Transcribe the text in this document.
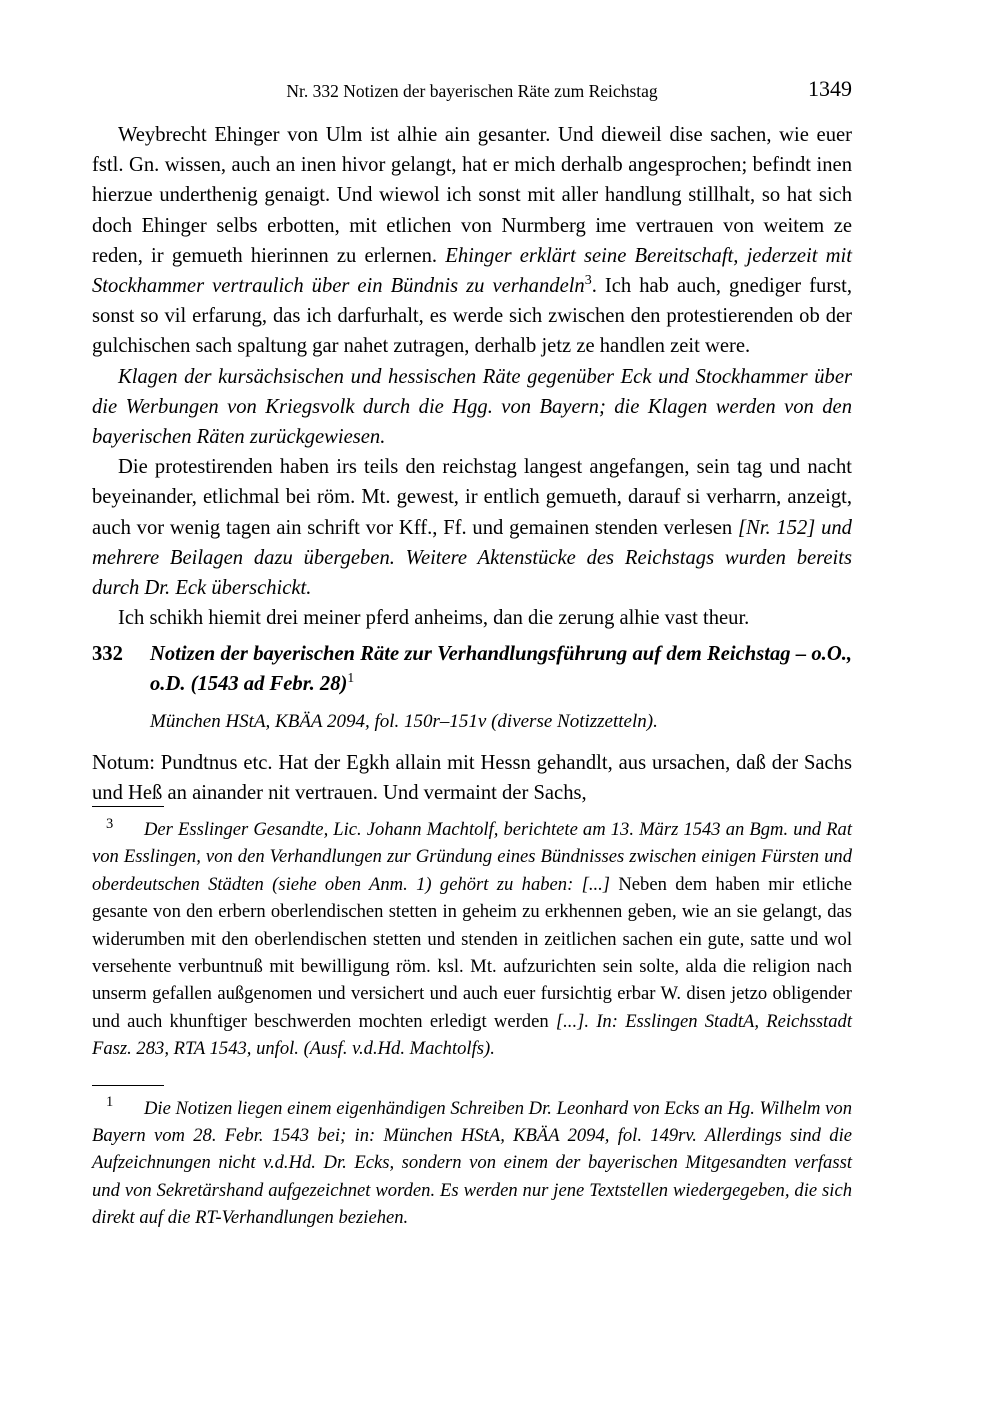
Nr. 332 Notizen der bayerischen Räte zum Reichstag	1349

Weybrecht Ehinger von Ulm ist alhie ain gesanter. Und dieweil dise sachen, wie euer fstl. Gn. wissen, auch an inen hivor gelangt, hat er mich derhalb angesprochen; befindt inen hierzue underthenig genaigt. Und wiewol ich sonst mit aller handlung stillhalt, so hat sich doch Ehinger selbs erbotten, mit etlichen von Nurmberg ime vertrauen von weitem ze reden, ir gemueth hierinnen zu erlernen. Ehinger erklärt seine Bereitschaft, jederzeit mit Stockhammer vertraulich über ein Bündnis zu verhandeln$^3$. Ich hab auch, gnediger furst, sonst so vil erfarung, das ich darfurhalt, es werde sich zwischen den protestierenden ob der gulchischen sach spaltung gar nahet zutragen, derhalb jetz ze handlen zeit were.

Klagen der kursächsischen und hessischen Räte gegenüber Eck und Stockhammer über die Werbungen von Kriegsvolk durch die Hgg. von Bayern; die Klagen werden von den bayerischen Räten zurückgewiesen.

Die protestirenden haben irs teils den reichstag langest angefangen, sein tag und nacht beyeinander, etlichmal bei röm. Mt. gewest, ir entlich gemueth, darauf si verharrn, anzeigt, auch vor wenig tagen ain schrift vor Kff., Ff. und gemainen stenden verlesen [Nr. 152] und mehrere Beilagen dazu übergeben. Weitere Aktenstücke des Reichstags wurden bereits durch Dr. Eck überschickt.

Ich schikh hiemit drei meiner pferd anheims, dan die zerung alhie vast theur.

332 Notizen der bayerischen Räte zur Verhandlungsführung auf dem Reichstag – o.O., o.D. (1543 ad Febr. 28)$^1$
München HStA, KBÄA 2094, fol. 150r–151v (diverse Notizzetteln).

Notum: Pundtnus etc. Hat der Egkh allain mit Hessn gehandlt, aus ursachen, daß der Sachs und Heß an ainander nit vertrauen. Und vermaint der Sachs,

3 Der Esslinger Gesandte, Lic. Johann Machtolf, berichtete am 13. März 1543 an Bgm. und Rat von Esslingen, von den Verhandlungen zur Gründung eines Bündnisses zwischen einigen Fürsten und oberdeutschen Städten (siehe oben Anm. 1) gehört zu haben: [...] Neben dem haben mir etliche gesante von den erbern oberlendischen stetten in geheim zu erkhennen geben, wie an sie gelangt, das widerumben mit den oberlendischen stetten und stenden in zeitlichen sachen ein gute, satte und wol versehente verbuntnuß mit bewilligung röm. ksl. Mt. aufzurichten sein solte, alda die religion nach unserm gefallen außgenomen und versichert und auch euer fursichtig erbar W. disen jetzo obligender und auch khunftiger beschwerden mochten erledigt werden [...]. In: Esslingen StadtA, Reichsstadt Fasz. 283, RTA 1543, unfol. (Ausf. v.d.Hd. Machtolfs).

1 Die Notizen liegen einem eigenhändigen Schreiben Dr. Leonhard von Ecks an Hg. Wilhelm von Bayern vom 28. Febr. 1543 bei; in: München HStA, KBÄA 2094, fol. 149rv. Allerdings sind die Aufzeichnungen nicht v.d.Hd. Dr. Ecks, sondern von einem der bayerischen Mitgesandten verfasst und von Sekretärshand aufgezeichnet worden. Es werden nur jene Textstellen wiedergegeben, die sich direkt auf die RT-Verhandlungen beziehen.
